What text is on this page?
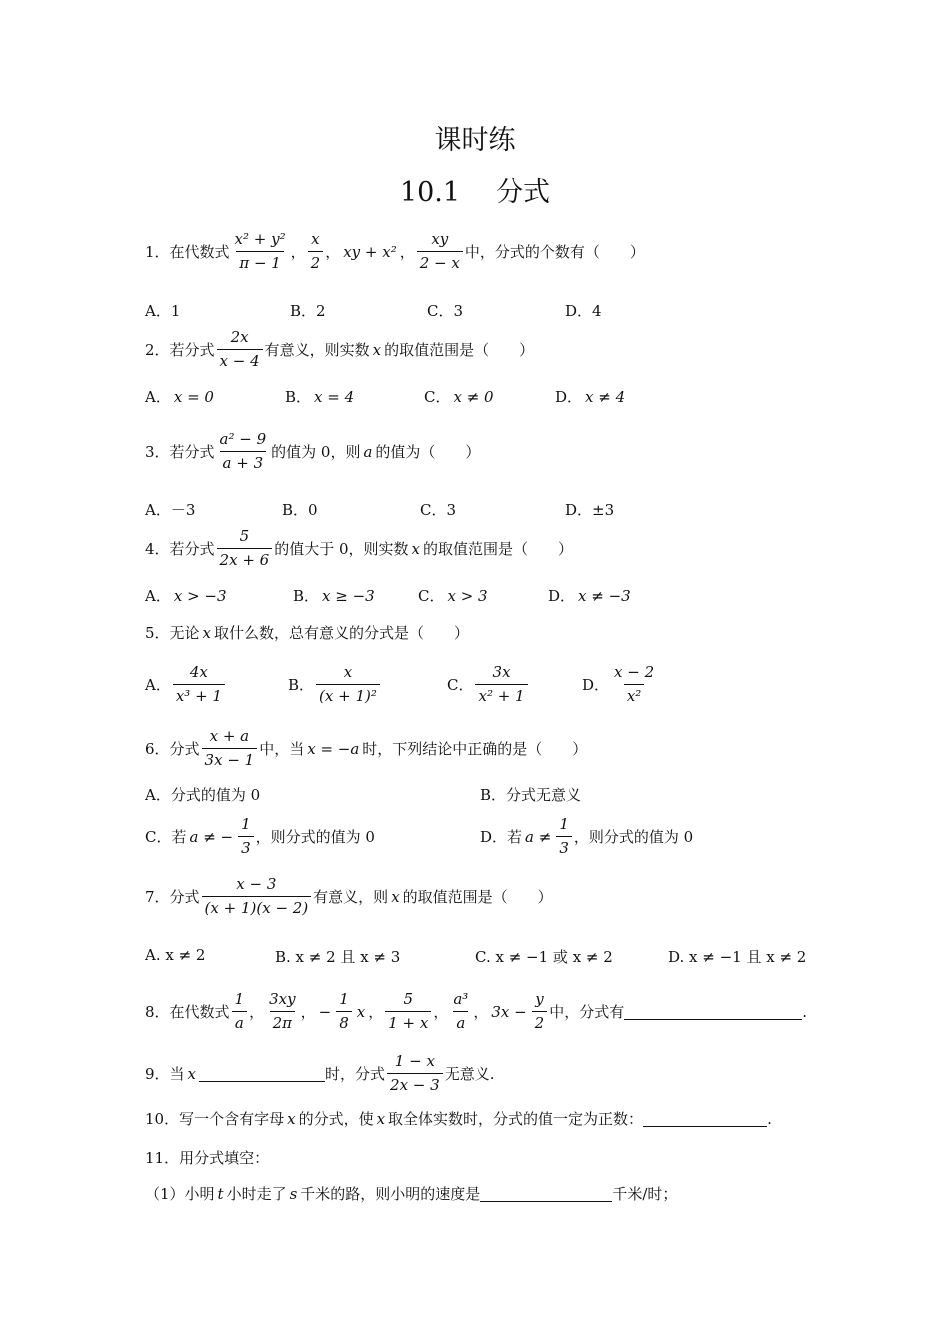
课时练
10.1 分式
1．在代数式 $\frac{\text{x² + y²}}{\pi - 1}$ ， $\frac{x}{2}$ ， xy + x² ， $\frac{xy}{2 - x}$ 中，分式的个数有（　　）
A．1	B．2	C．3	D．4
2．若分式 $\frac{2x}{x - 4}$ 有意义，则实数 x 的取值范围是（　　）
A． x = 0	B． x = 4	C． x ≠ 0	D． x ≠ 4
3．若分式 $\frac{\text{a² − 9}}{a + 3}$ 的值为 0，则 a 的值为（　　）
A．－3	B．0	C．3	D．±3
4．若分式 $\frac{5}{2x + 6}$ 的值大于 0，则实数 x 的取值范围是（　　）
A． x > −3	B． x ≥ −3	C． x > 3	D． x ≠ −3
5．无论 x 取什么数，总有意义的分式是（　　）
A． $\frac{4x}{\text{x³ + 1}}$	B． $\frac{x}{\text{(x + 1)²}}$	C． $\frac{3x}{\text{x² + 1}}$	D． $\frac{x - 2}{\text{x²}}$
6．分式 $\frac{x + a}{3x - 1}$ 中，当 x = −a 时，下列结论中正确的是（　　）
A．分式的值为 0	B．分式无意义
C．若 a ≠ − $\frac{1}{3}$ ，则分式的值为 0	D．若 $a \ne \frac{1}{3}$ ，则分式的值为 0
7．分式 $\frac{x - 3}{(x + 1)(x - 2)}$ 有意义，则 x 的取值范围是（　　）
A. x ≠ 2	B. x ≠ 2 且 x ≠ 3	C. x ≠ −1 或 x ≠ 2	D. x ≠ −1 且 x ≠ 2
8．在代数式 $\frac{1}{a}$ ， $\frac{3xy}{2\pi}$ ， − $\frac{1}{8}$ x ， $\frac{5}{1 + x}$ ， $\frac{\text{a³}}{a}$ ， $3x - \frac{y}{2}$ 中，分式有	.
9．当 x	时，分式 $\frac{1 - x}{2x - 3}$ 无意义.
10．写一个含有字母 x 的分式，使 x 取全体实数时，分式的值一定为正数：	.
11．用分式填空：
（1）小明 t 小时走了 s 千米的路，则小明的速度是	千米/时；
